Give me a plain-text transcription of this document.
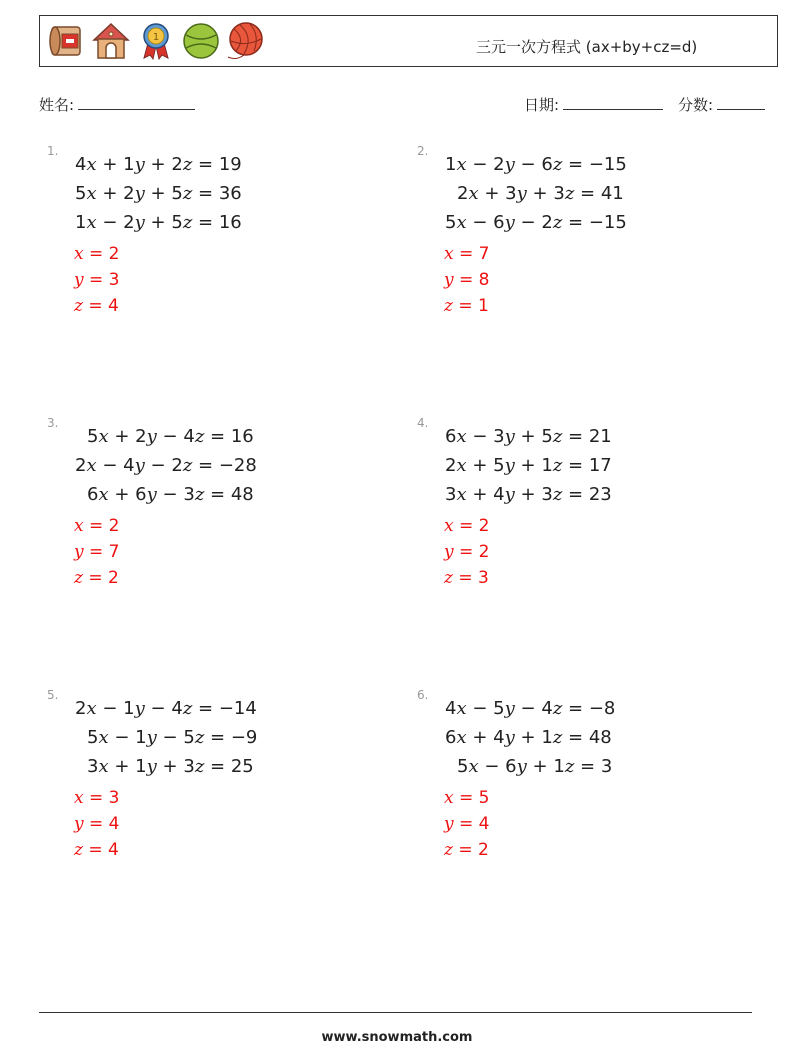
1
三元一次方程式 (ax+by+cz=d)
姓名:	日期:	分数:
1.
4x + 1y + 2z = 19
5x + 2y + 5z = 36
1x − 2y + 5z = 16
x = 2
y = 3
z = 4
2.
1x − 2y − 6z = −15
2x + 3y + 3z = 41
5x − 6y − 2z = −15
x = 7
y = 8
z = 1
3.
5x + 2y − 4z = 16
2x − 4y − 2z = −28
6x + 6y − 3z = 48
x = 2
y = 7
z = 2
4.
6x − 3y + 5z = 21
2x + 5y + 1z = 17
3x + 4y + 3z = 23
x = 2
y = 2
z = 3
5.
2x − 1y − 4z = −14
5x − 1y − 5z = −9
3x + 1y + 3z = 25
x = 3
y = 4
z = 4
6.
4x − 5y − 4z = −8
6x + 4y + 1z = 48
5x − 6y + 1z = 3
x = 5
y = 4
z = 2
www.snowmath.com
